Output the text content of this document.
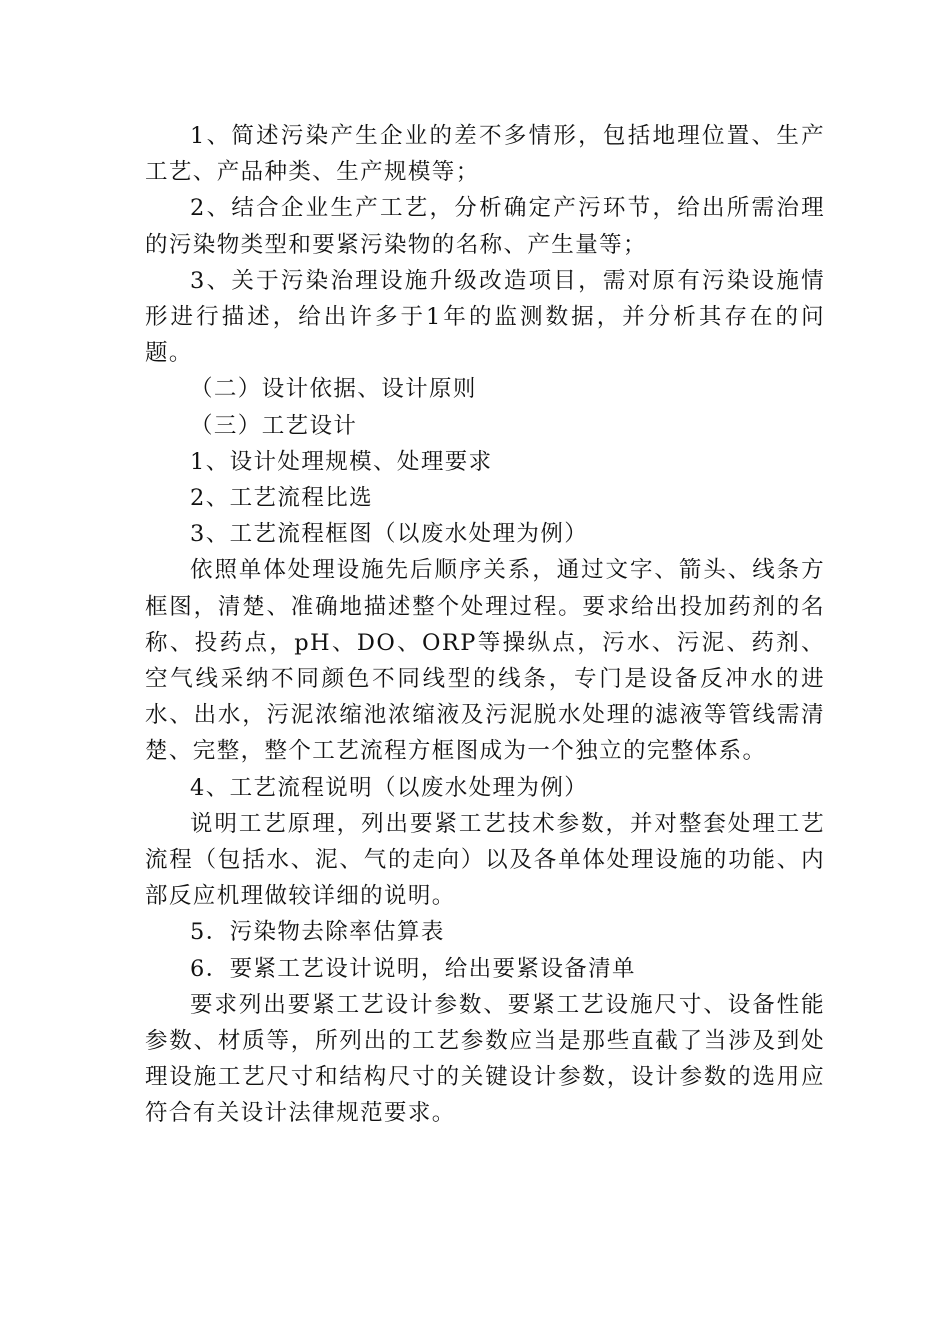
1、简述污染产生企业的差不多情形，包括地理位置、生产工艺、产品种类、生产规模等；

2、结合企业生产工艺，分析确定产污环节，给出所需治理的污染物类型和要紧污染物的名称、产生量等；

3、关于污染治理设施升级改造项目，需对原有污染设施情形进行描述，给出许多于1年的监测数据，并分析其存在的问题。

（二）设计依据、设计原则

（三）工艺设计

1、设计处理规模、处理要求

2、工艺流程比选

3、工艺流程框图（以废水处理为例）

依照单体处理设施先后顺序关系，通过文字、箭头、线条方框图，清楚、准确地描述整个处理过程。要求给出投加药剂的名称、投药点，pH、DO、ORP等操纵点，污水、污泥、药剂、空气线采纳不同颜色不同线型的线条，专门是设备反冲水的进水、出水，污泥浓缩池浓缩液及污泥脱水处理的滤液等管线需清楚、完整，整个工艺流程方框图成为一个独立的完整体系。

4、工艺流程说明（以废水处理为例）

说明工艺原理，列出要紧工艺技术参数，并对整套处理工艺流程（包括水、泥、气的走向）以及各单体处理设施的功能、内部反应机理做较详细的说明。

5．污染物去除率估算表

6．要紧工艺设计说明，给出要紧设备清单

要求列出要紧工艺设计参数、要紧工艺设施尺寸、设备性能参数、材质等，所列出的工艺参数应当是那些直截了当涉及到处理设施工艺尺寸和结构尺寸的关键设计参数，设计参数的选用应符合有关设计法律规范要求。
